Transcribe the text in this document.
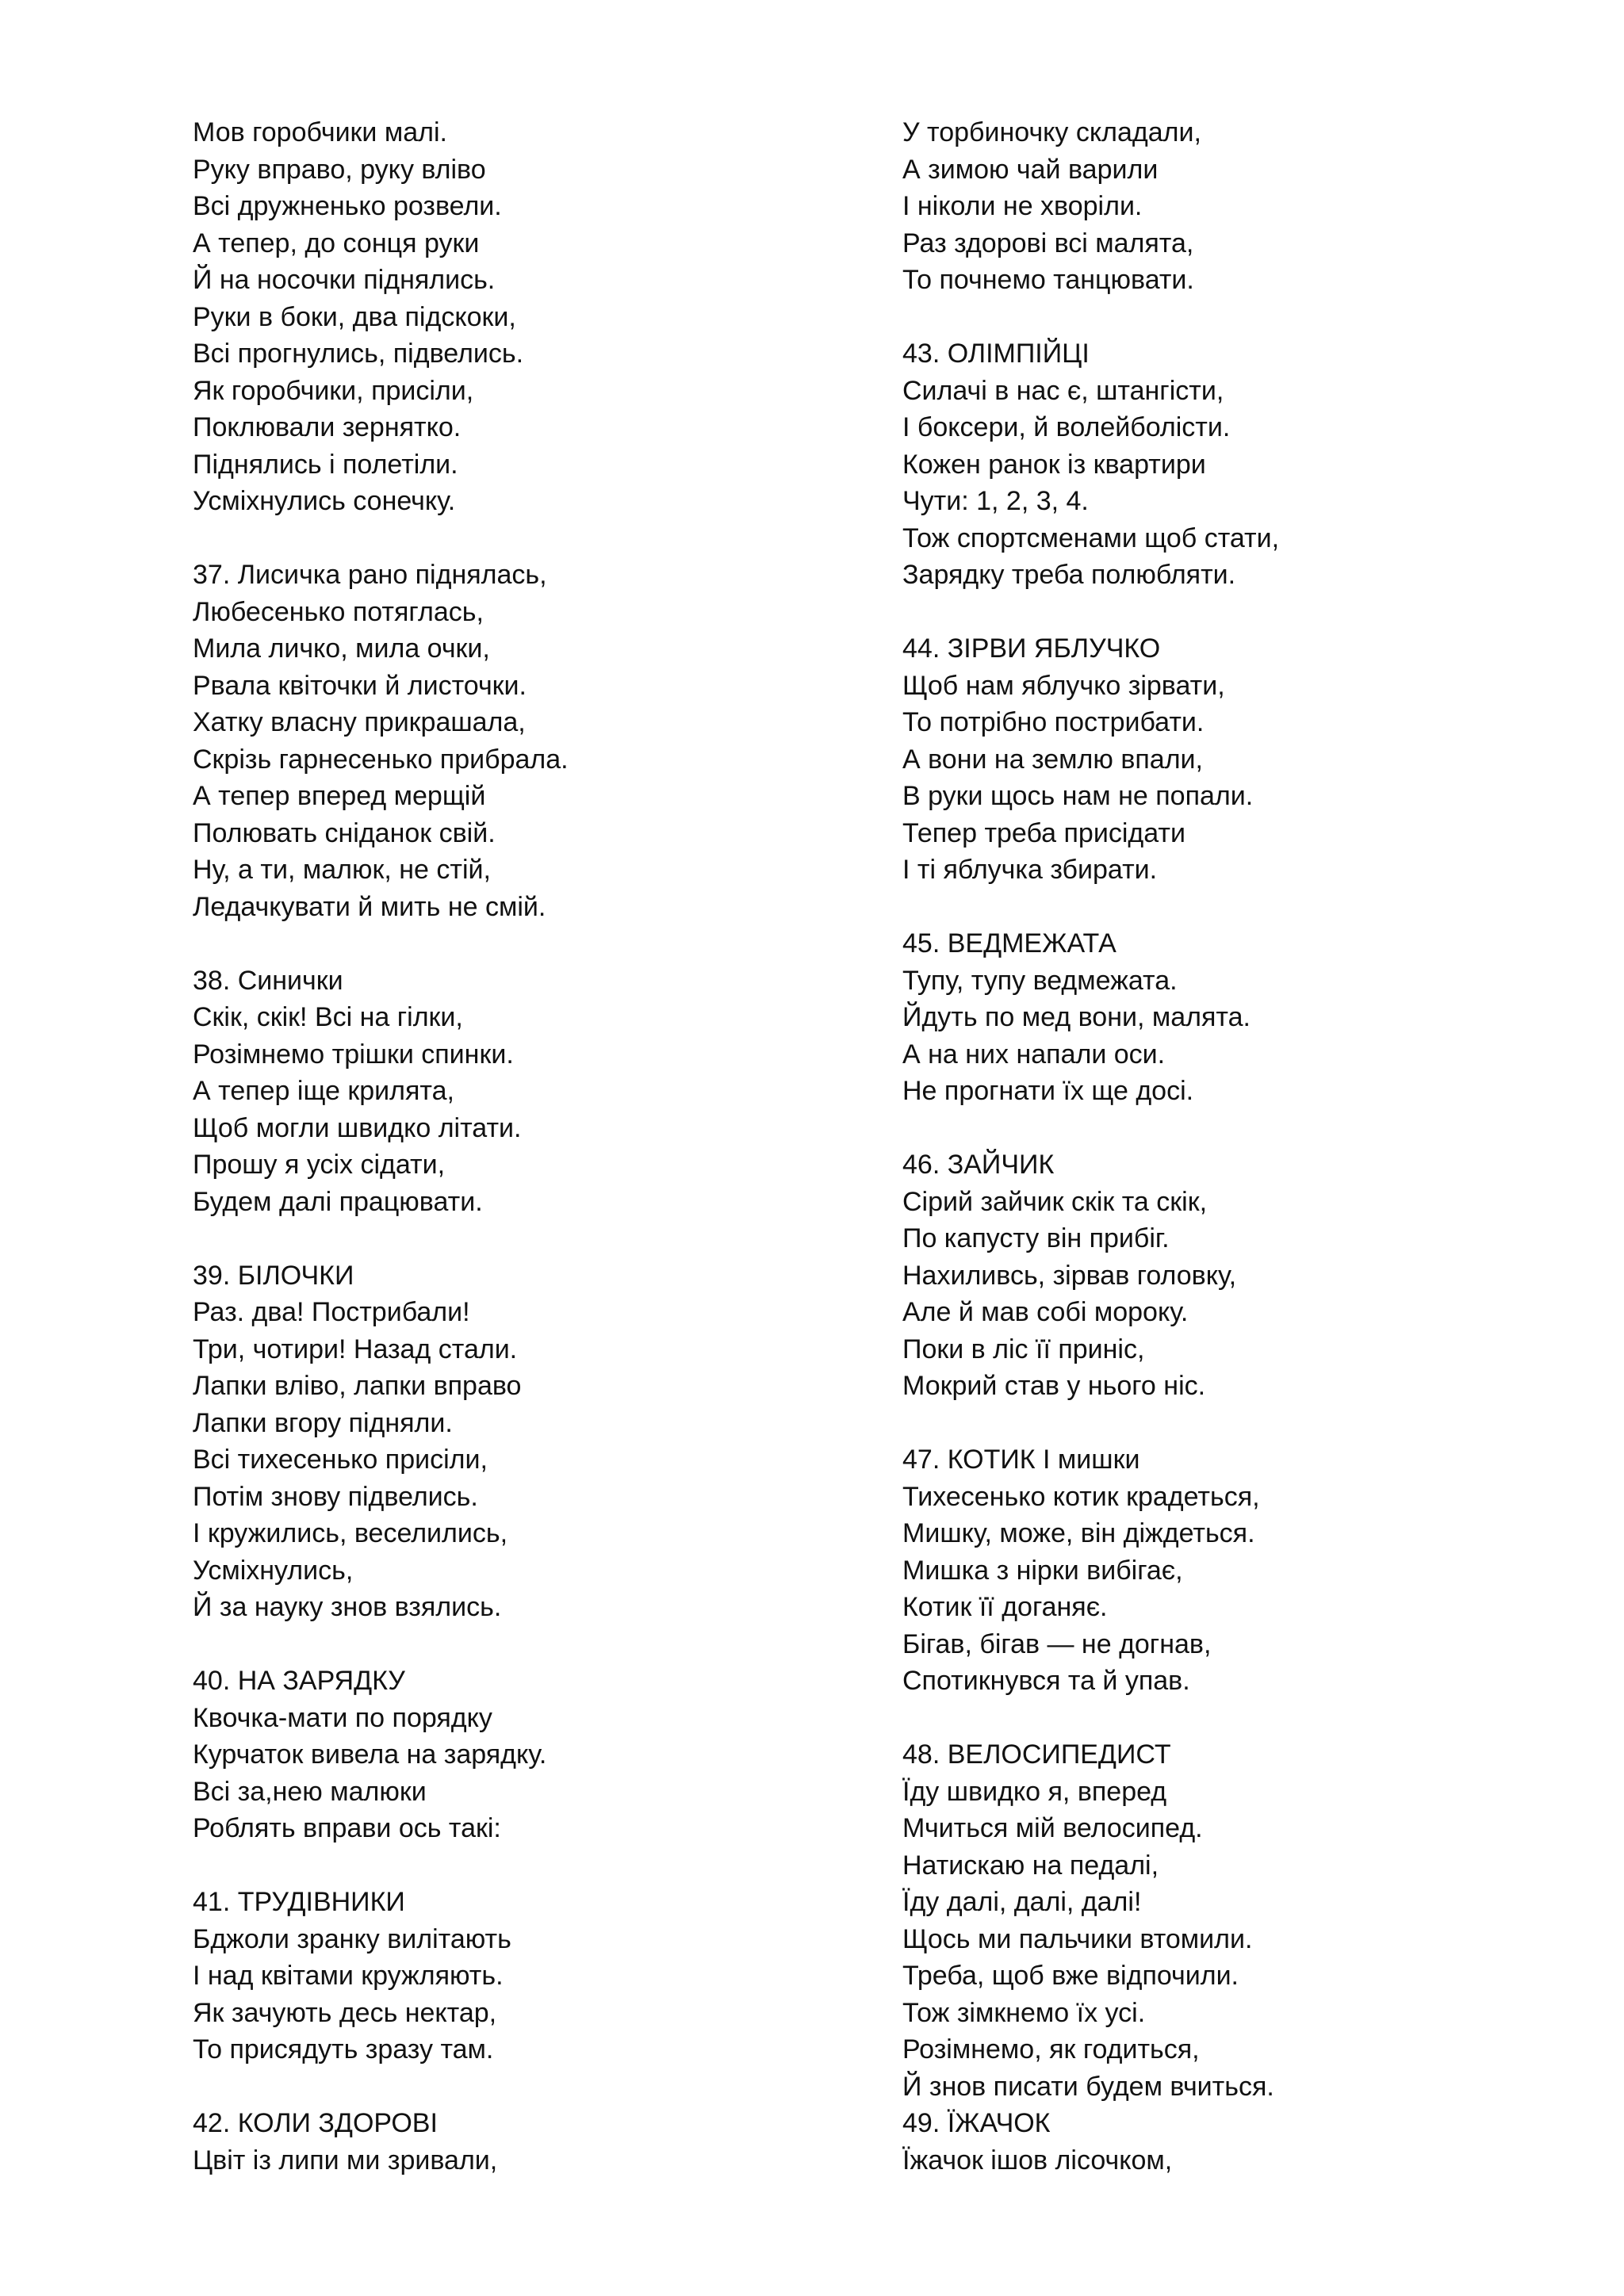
Мов горобчики малі.
Руку вправо, руку вліво
Всі дружненько розвели.
А тепер, до сонця руки
Й на носочки піднялись.
Руки в боки, два підскоки,
Всі прогнулись, підвелись.
Як горобчики, присіли,
Поклювали зернятко.
Піднялись і полетіли.
Усміхнулись сонечку.
37. Лисичка рано піднялась,
Любесенько потяглась,
Мила личко, мила очки,
Рвала квіточки й листочки.
Хатку власну прикрашала,
Скрізь гарнесенько прибрала.
А тепер вперед мерщій
Полювать сніданок свій.
Ну, а ти, малюк, не стій,
Ледачкувати й мить не смій.
38. Синички
Скік, скік! Всі на гілки,
Розімнемо трішки спинки.
А тепер іще крилята,
Щоб могли швидко літати.
Прошу я усіх сідати,
Будем далі працювати.
39. БІЛОЧКИ
Раз. два! Пострибали!
Три, чотири! Назад стали.
Лапки вліво, лапки вправо
Лапки вгору підняли.
Всі тихесенько присіли,
Потім знову підвелись.
І кружились, веселились,
Усміхнулись,
Й за науку знов взялись.
40. НА ЗАРЯДКУ
Квочка-мати по порядку
Курчаток вивела на зарядку.
Всі за,нею малюки
Роблять вправи ось такі:
41. ТРУДІВНИКИ
Бджоли зранку вилітають
І над квітами кружляють.
Як зачують десь нектар,
То присядуть зразу там.
42. КОЛИ ЗДОРОВІ
Цвіт із липи ми зривали,
У торбиночку складали,
А зимою чай варили
І ніколи не хворіли.
Раз здорові всі малята,
То почнемо танцювати.
43. ОЛІМПІЙЦІ
Силачі в нас є, штангісти,
І боксери, й волейболісти.
Кожен ранок із квартири
Чути: 1, 2, 3, 4.
Тож спортсменами щоб стати,
Зарядку треба полюбляти.
44. ЗІРВИ ЯБЛУЧКО
Щоб нам яблучко зірвати,
То потрібно пострибати.
А вони на землю впали,
В руки щось нам не попали.
Тепер треба присідати
І ті яблучка збирати.
45. ВЕДМЕЖАТА
Тупу, тупу ведмежата.
Йдуть по мед вони, малята.
А на них напали оси.
Не прогнати їх ще досі.
46. ЗАЙЧИК
Сірий зайчик скік та скік,
По капусту він прибіг.
Нахиливсь, зірвав головку,
Але й мав собі мороку.
Поки в ліс її приніс,
Мокрий став у нього ніс.
47. КОТИК І мишки
Тихесенько котик крадеться,
Мишку, може, він діждеться.
Мишка з нірки вибігає,
Котик її доганяє.
Бігав, бігав — не догнав,
Спотикнувся та й упав.
48. ВЕЛОСИПЕДИСТ
Їду швидко я, вперед
Мчиться мій велосипед.
Натискаю на педалі,
Їду далі, далі, далі!
Щось ми пальчики втомили.
Треба, щоб вже відпочили.
Тож зімкнемо їх усі.
Розімнемо, як годиться,
Й знов писати будем вчиться.
49. ЇЖАЧОК
Їжачок ішов лісочком,
